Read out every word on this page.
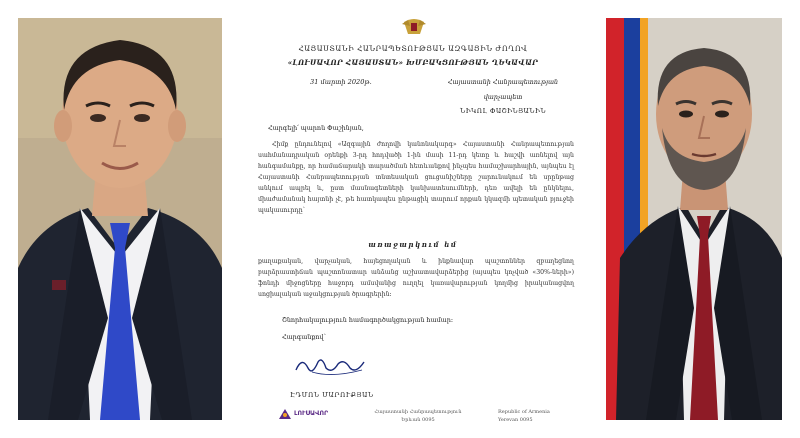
ՀԱՅԱՍՏԱՆԻ ՀԱՆՐԱՊԵՏՈՒԹՅԱՆ ԱԶԳԱՅԻՆ ԺՈՂՈՎ
«ԼՈՒՍԱՎՈՐ ՀԱՅԱՍՏԱՆ» ԽՄԲԱԿՑՈՒԹՅԱՆ ՂԵԿԱՎԱՐ
31 մարտի 2020թ.	Հայաստանի Հանրապետության
վարչապետ
ՆԻԿՈԼ ՓԱՇԻՆՅԱՆԻՆ
Հարգելի՛ պարոն Փաշինյան,
Հիմք ընդունելով «Ազգային ժողովի կանոնակարգ» Հայաստանի Հանրապետության սահմանադրական օրենքի 3-րդ հոդվածի 1-ին մասի 11-րդ կետը և հաշվի առնելով այն հանգամանքը, որ համաճարակի տարածման հետևանքով ինչպես համաշխարհային, այնպես էլ Հայաստանի Հանրապետության տնտեսական ցուցանիշները շարունակում են սրընթաց անկում ապրել և, ըստ մասնագետների կանխատեսումների, դեռ ավելի են ընկնելու, միաժամանակ հայտնի չէ, թե հատկապես ընթացիկ տարում որքան կկազմի պետական բյուջեի պակասուրդը՝
առաջարկում եմ
քաղաքական, վարչական, հայեցողական և ինքնավար պաշտոններ զբաղեցնող բարձրաստիճան պաշտոնատար անձանց աշխատավարձերից (այսպես կոչված «30%-ների») ֆոնդի միջոցները հաջորդ ամսվանից ուղղել կառավարության կողմից իրականացվող սոցիալական աջակցության ծրագրերին։
Շնորհակալություն համագործակցության համար։
Հարգանքով՝
ԷԴՄՈՆ ՄԱՐՈՒՔՅԱՆ
ԼՈՒՍԱՎՈՐ	Հայաստանի Հանրապետություն
Երևան 0095
Republic of Armenia
Yerevan 0095
